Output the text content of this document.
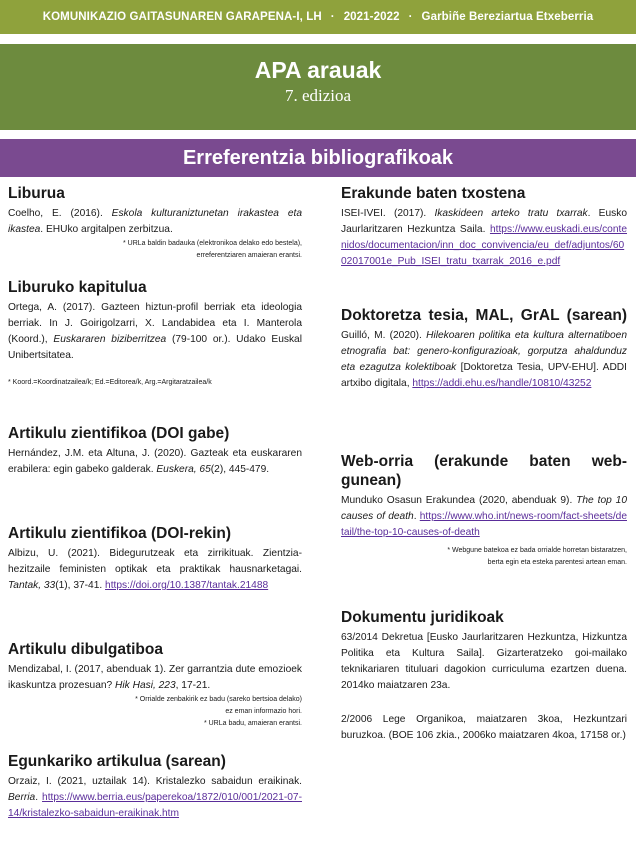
KOMUNIKAZIO GAITASUNAREN GARAPENA-I, LH · 2021-2022 · Garbiñe Bereziartua Etxeberria
APA arauak
7. edizioa
Erreferentzia bibliografikoak
Liburua

Coelho, E. (2016). Eskola kulturaniztunetan irakastea eta ikastea. EHUko argitalpen zerbitzua.

* URLa baldin badauka (elektronikoa delako edo bestela),

erreferentziaren amaieran erantsi.

Liburuko kapitulua

Ortega, A. (2017). Gazteen hiztun-profil berriak eta ideologia berriak. In J. Goirigolzarri, X. Landabidea eta I. Manterola (Koord.), Euskararen biziberritzea (79-100 or.). Udako Euskal Unibertsitatea.

* Koord.=Koordinatzailea/k; Ed.=Editorea/k, Arg.=Argitaratzailea/k

Artikulu zientifikoa (DOI gabe)

Hernández, J.M. eta Altuna, J. (2020). Gazteak eta euskararen erabilera: egin gabeko galderak. Euskera, 65(2), 445-479.

Artikulu zientifikoa (DOI-rekin)

Albizu, U. (2021). Bidegurutzeak eta zirrikituak. Zientzia-hezitzaile feministen optikak eta praktikak hausnarketagai. Tantak, 33(1), 37-41. https://doi.org/10.1387/tantak.21488

Artikulu dibulgatiboa

Mendizabal, I. (2017, abenduak 1). Zer garrantzia dute emozioek ikaskuntza prozesuan? Hik Hasi, 223, 17-21.

* Orrialde zenbakirik ez badu (sareko bertsioa delako)

ez eman informazio hori.

* URLa badu, amaieran erantsi.

Egunkariko artikulua (sarean)

Orzaiz, I. (2021, uztailak 14). Kristalezko sabaidun eraikinak. Berria. https://www.berria.eus/paperekoa/1872/010/001/2021-07-14/kristalezko-sabaidun-eraikinak.htm

Erakunde baten txostena

ISEI-IVEI. (2017). Ikaskideen arteko tratu txarrak. Eusko Jaurlaritzaren Hezkuntza Saila. https://www.euskadi.eus/contenidos/documentacion/inn_doc_convivencia/eu_def/adjuntos/6002017001e_Pub_ISEI_tratu_txarrak_2016_e.pdf

Doktoretza tesia, MAL, GrAL (sarean)

Guilló, M. (2020). Hilekoaren politika eta kultura alternatiboen etnografia bat: genero-konfigurazioak, gorputza ahaldunduz eta ezagutza kolektiboak [Doktoretza Tesia, UPV-EHU]. ADDI artxibo digitala, https://addi.ehu.es/handle/10810/43252

Web-orria (erakunde baten web-gunean)

Munduko Osasun Erakundea (2020, abenduak 9). The top 10 causes of death. https://www.who.int/news-room/fact-sheets/detail/the-top-10-causes-of-death

* Webgune batekoa ez bada orrialde horretan bistaratzen,

berta egin eta esteka parentesi artean eman.

Dokumentu juridikoak

63/2014 Dekretua [Eusko Jaurlaritzaren Hezkuntza, Hizkuntza Politika eta Kultura Saila]. Gizarteratzeko goi-mailako teknikariaren tituluari dagokion curriculuma ezartzen duena. 2014ko maiatzaren 23a.

2/2006 Lege Organikoa, maiatzaren 3koa, Hezkuntzari buruzkoa. (BOE 106 zkia., 2006ko maiatzaren 4koa, 17158 or.)
